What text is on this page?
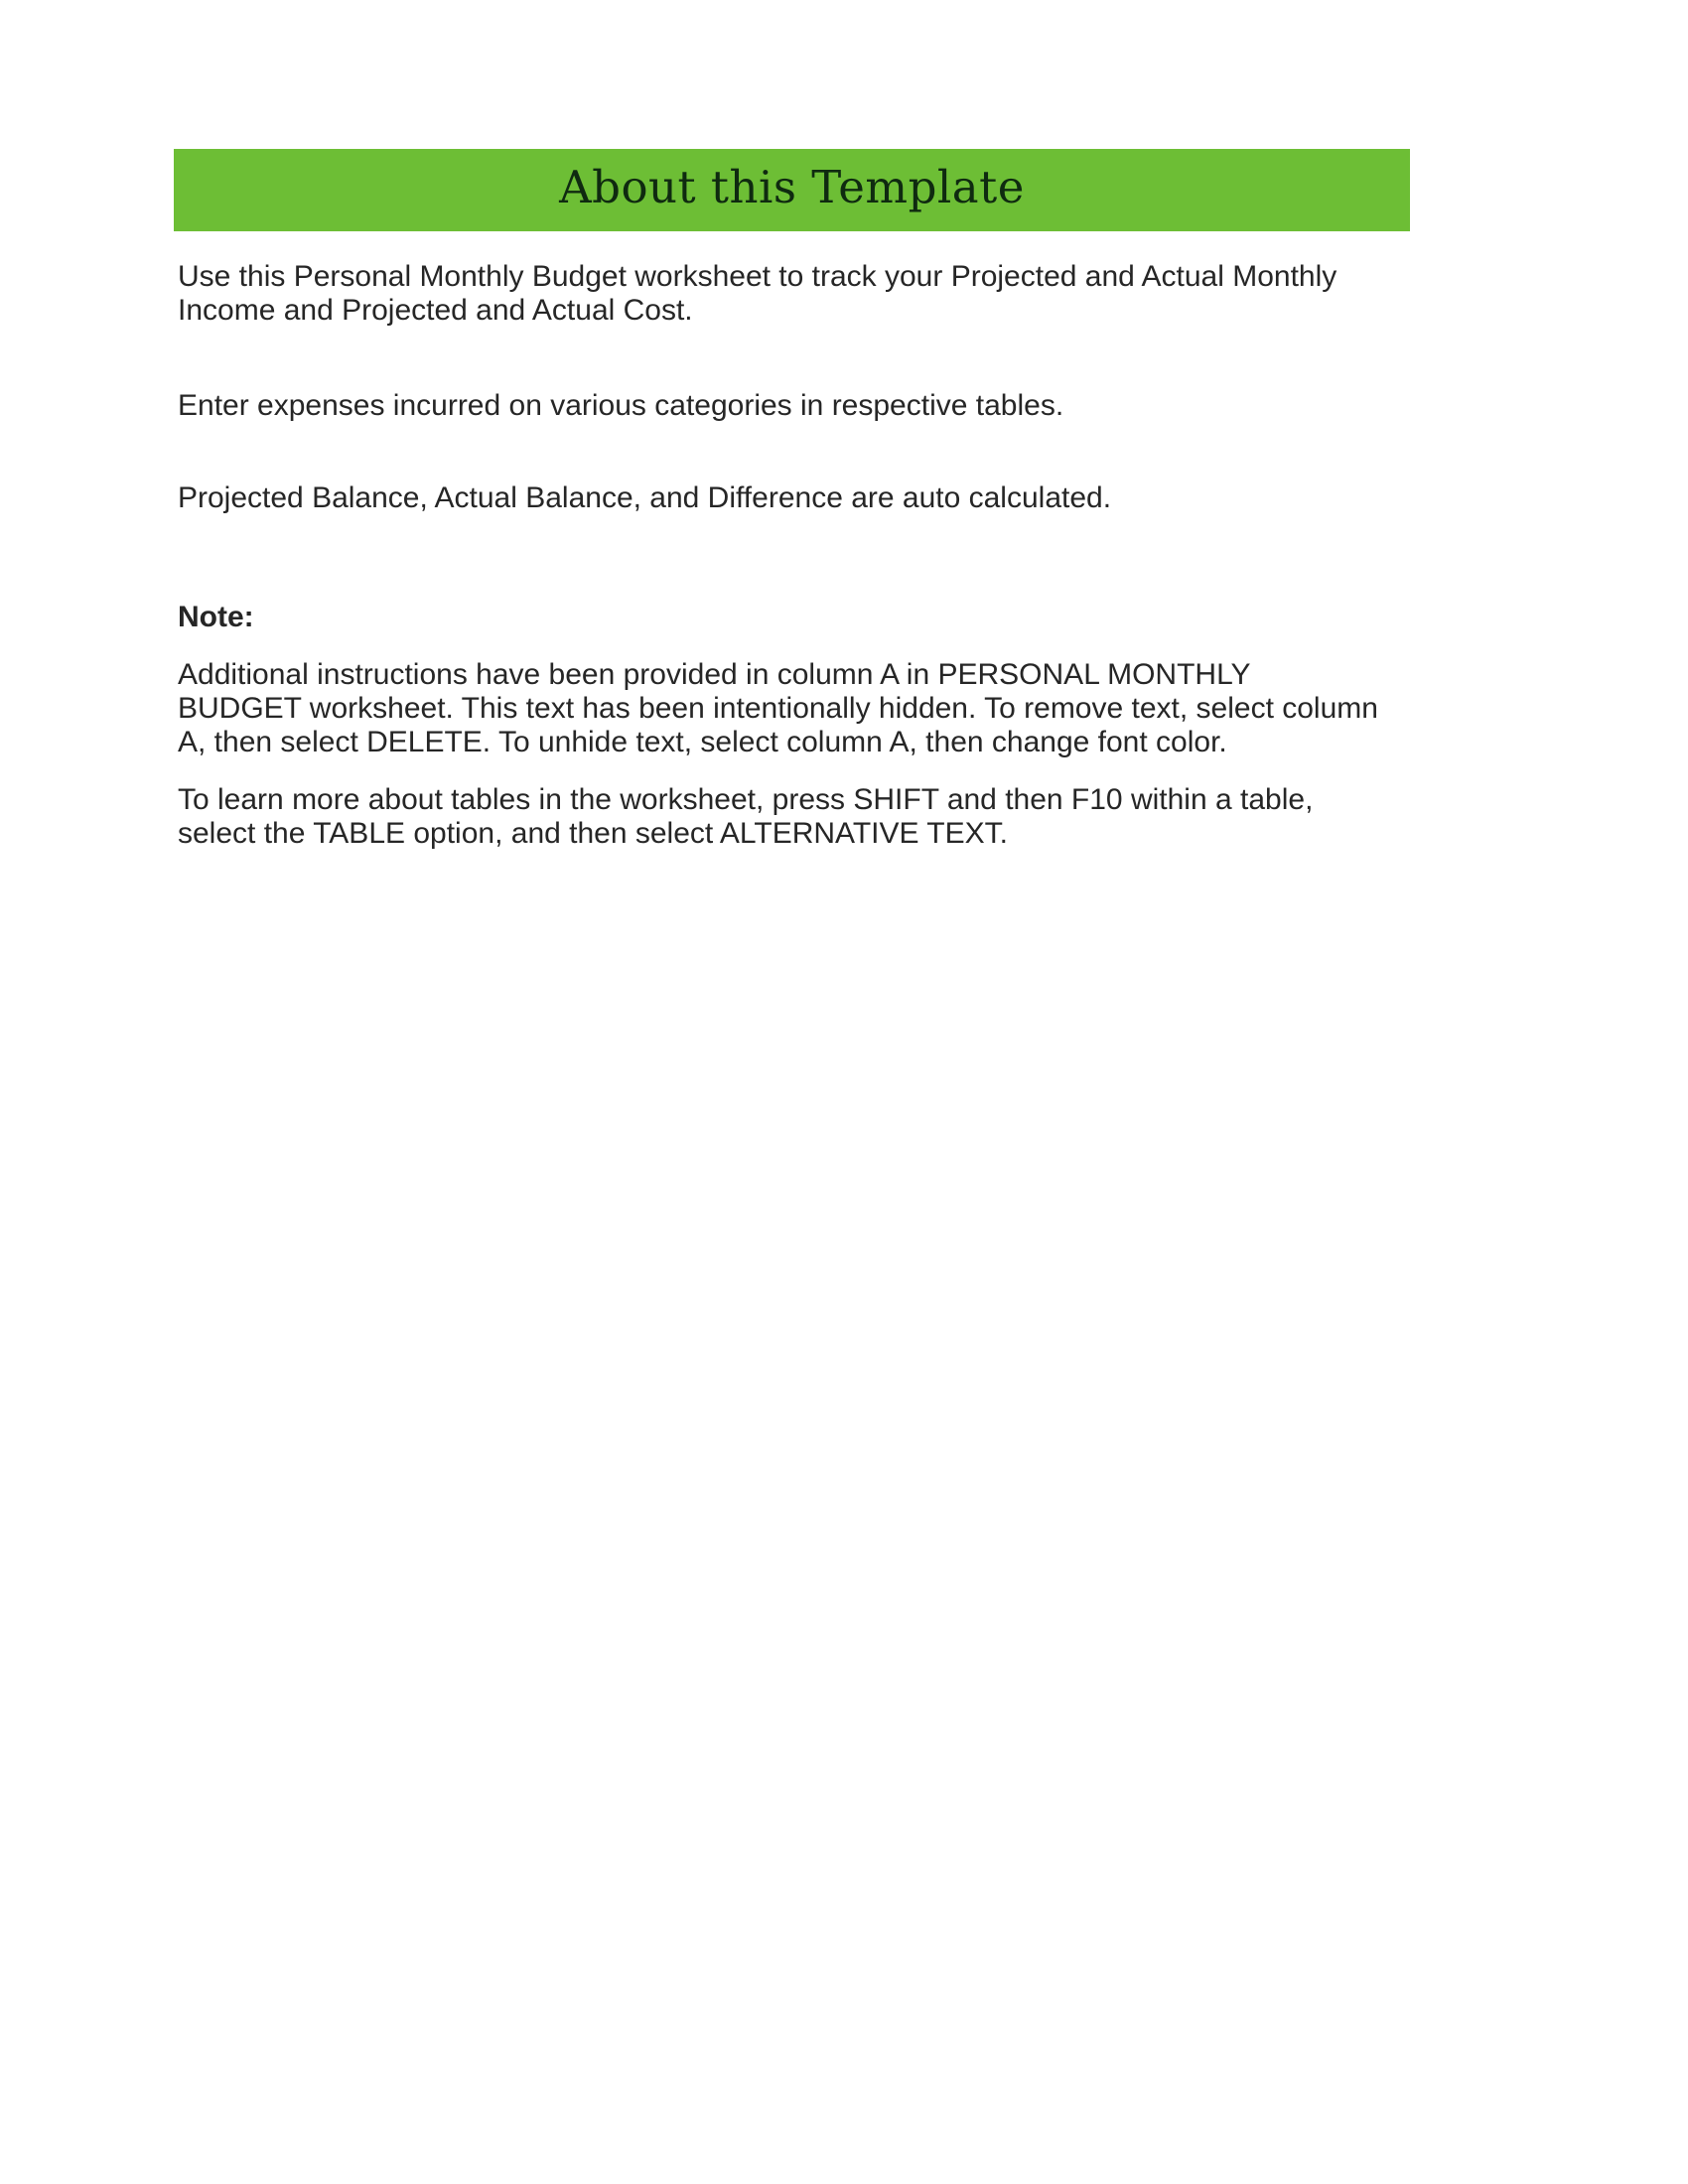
About this Template

Use this Personal Monthly Budget worksheet to track your Projected and Actual Monthly
Income and Projected and Actual Cost.

Enter expenses incurred on various categories in respective tables.

Projected Balance, Actual Balance, and Difference are auto calculated.

Note:

Additional instructions have been provided in column A in PERSONAL MONTHLY
BUDGET worksheet. This text has been intentionally hidden. To remove text, select column
A, then select DELETE. To unhide text, select column A, then change font color.

To learn more about tables in the worksheet, press SHIFT and then F10 within a table,
select the TABLE option, and then select ALTERNATIVE TEXT.
